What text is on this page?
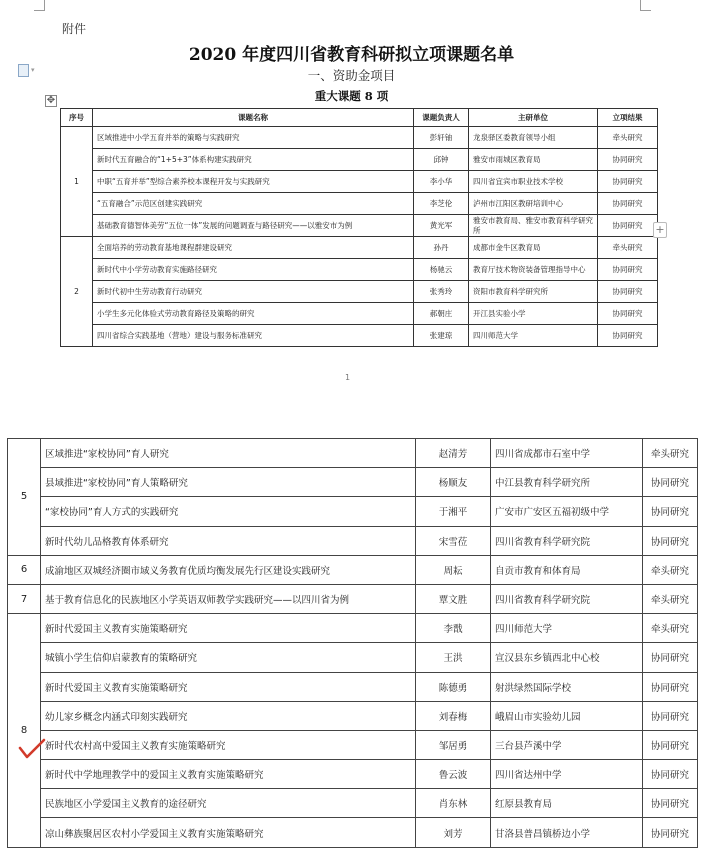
附件
▾
2020 年度四川省教育科研拟立项课题名单
一、资助金项目
重大课题 8 项
✥
序号	课题名称	课题负责人	主研单位	立项结果
1	区域推进中小学五育并举的策略与实践研究	彭轩铀	龙泉驿区委教育领导小组	牵头研究
	新时代五育融合的“1+5+3”体系构建实践研究	邱钟	雅安市雨城区教育局	协同研究
	中职“五育并举”型综合素养校本课程开发与实践研究	李小华	四川省宜宾市职业技术学校	协同研究
	“五育融合”示范区创建实践研究	李芝伦	泸州市江阳区教研培训中心	协同研究
	基础教育德智体美劳“五位一体”发展的问题调查与路径研究——以雅安市为例	黄光军	雅安市教育局、雅安市教育科学研究所	协同研究
2	全面培养的劳动教育基地课程群建设研究	孙丹	成都市金牛区教育局	牵头研究
	新时代中小学劳动教育实施路径研究	杨驰云	教育厅技术物资装备管理指导中心	协同研究
	新时代初中生劳动教育行动研究	张秀玲	资阳市教育科学研究所	协同研究
	小学生多元化体验式劳动教育路径及策略的研究	郝朝庄	开江县实验小学	协同研究
	四川省综合实践基地（营地）建设与服务标准研究	张建琼	四川师范大学	协同研究
+
1
5	区域推进“家校协同”育人研究	赵清芳	四川省成都市石室中学	牵头研究
	县域推进“家校协同”育人策略研究	杨顺友	中江县教育科学研究所	协同研究
	“家校协同”育人方式的实践研究	于湘平	广安市广安区五福初级中学	协同研究
	新时代幼儿品格教育体系研究	宋雪莅	四川省教育科学研究院	协同研究
6	成渝地区双城经济圈市域义务教育优质均衡发展先行区建设实践研究	周耘	自贡市教育和体育局	牵头研究
7	基于教育信息化的民族地区小学英语双师教学实践研究——以四川省为例	覃文胜	四川省教育科学研究院	牵头研究
8	新时代爱国主义教育实施策略研究	李戬	四川师范大学	牵头研究
	城镇小学生信仰启蒙教育的策略研究	王洪	宣汉县东乡镇西北中心校	协同研究
	新时代爱国主义教育实施策略研究	陈德勇	射洪绿然国际学校	协同研究
	幼儿家乡概念内涵式印刻实践研究	刘春梅	峨眉山市实验幼儿园	协同研究
	新时代农村高中爱国主义教育实施策略研究	邹居勇	三台县芦溪中学	协同研究
	新时代中学地理教学中的爱国主义教育实施策略研究	鲁云波	四川省达州中学	协同研究
	民族地区小学爱国主义教育的途径研究	肖东林	红原县教育局	协同研究
	凉山彝族聚居区农村小学爱国主义教育实施策略研究	刘芳	甘洛县普昌镇桥边小学	协同研究
